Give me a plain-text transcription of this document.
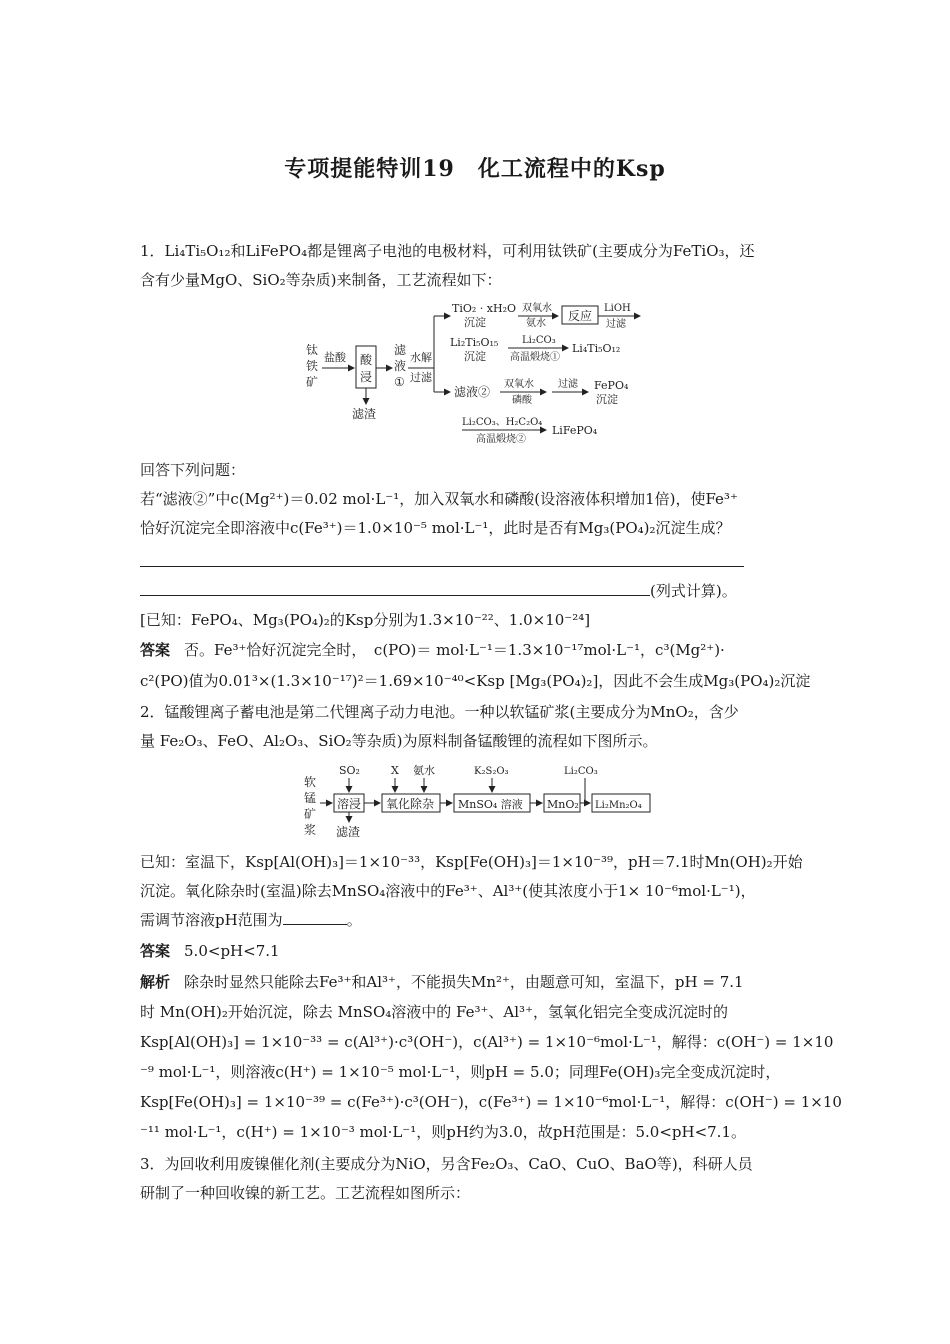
专项提能特训19　化工流程中的Ksp
1．Li₄Ti₅O₁₂和LiFePO₄都是锂离子电池的电极材料，可利用钛铁矿(主要成分为FeTiO₃，还
含有少量MgO、SiO₂等杂质)来制备，工艺流程如下：
钛
铁
矿
盐酸 酸
浸
滤渣
滤
液
①
水解
过滤
TiO₂ · xH₂O
沉淀
双氧水
氨水
反应
LiOH
过滤
Li₂Ti₅O₁₅
沉淀
Li₂CO₃
高温煅烧①
Li₄Ti₅O₁₂
滤液②
双氧水
磷酸
过滤 FePO₄
沉淀
Li₂CO₃、H₂C₂O₄
高温煅烧②
LiFePO₄
回答下列问题：
若“滤液②”中c(Mg²⁺)＝0.02 mol·L⁻¹，加入双氧水和磷酸(设溶液体积增加1倍)，使Fe³⁺
恰好沉淀完全即溶液中c(Fe³⁺)＝1.0×10⁻⁵ mol·L⁻¹，此时是否有Mg₃(PO₄)₂沉淀生成？
(列式计算)。
[已知：FePO₄、Mg₃(PO₄)₂的Ksp分别为1.3×10⁻²²、1.0×10⁻²⁴]
答案 否。Fe³⁺恰好沉淀完全时，　c(PO)＝ mol·L⁻¹＝1.3×10⁻¹⁷mol·L⁻¹，c³(Mg²⁺)·
c²(PO)值为0.01³×(1.3×10⁻¹⁷)²＝1.69×10⁻⁴⁰<Ksp [Mg₃(PO₄)₂]，因此不会生成Mg₃(PO₄)₂沉淀
2．锰酸锂离子蓄电池是第二代锂离子动力电池。一种以软锰矿浆(主要成分为MnO₂，含少
量 Fe₂O₃、FeO、Al₂O₃、SiO₂等杂质)为原料制备锰酸锂的流程如下图所示。
软
锰
矿
浆
溶浸
SO₂
滤渣
氧化除杂
X 氨水
MnSO₄ 溶液
K₂S₂O₃
MnO₂ Li₂Mn₂O₄
Li₂CO₃
已知：室温下，Ksp[Al(OH)₃]＝1×10⁻³³，Ksp[Fe(OH)₃]＝1×10⁻³⁹，pH＝7.1时Mn(OH)₂开始
沉淀。氧化除杂时(室温)除去MnSO₄溶液中的Fe³⁺、Al³⁺(使其浓度小于1× 10⁻⁶mol·L⁻¹)，
需调节溶液pH范围为	。
答案 5.0<pH<7.1
解析 除杂时显然只能除去Fe³⁺和Al³⁺，不能损失Mn²⁺，由题意可知，室温下，pH = 7.1
时 Mn(OH)₂开始沉淀，除去 MnSO₄溶液中的 Fe³⁺、Al³⁺，氢氧化铝完全变成沉淀时的
Ksp[Al(OH)₃] = 1×10⁻³³ = c(Al³⁺)·c³(OH⁻)，c(Al³⁺) = 1×10⁻⁶mol·L⁻¹，解得：c(OH⁻) = 1×10
⁻⁹ mol·L⁻¹，则溶液c(H⁺) = 1×10⁻⁵ mol·L⁻¹，则pH = 5.0；同理Fe(OH)₃完全变成沉淀时，
Ksp[Fe(OH)₃] = 1×10⁻³⁹ = c(Fe³⁺)·c³(OH⁻)，c(Fe³⁺) = 1×10⁻⁶mol·L⁻¹，解得：c(OH⁻) = 1×10
⁻¹¹ mol·L⁻¹，c(H⁺) = 1×10⁻³ mol·L⁻¹，则pH约为3.0，故pH范围是：5.0<pH<7.1。
3．为回收利用废镍催化剂(主要成分为NiO，另含Fe₂O₃、CaO、CuO、BaO等)，科研人员
研制了一种回收镍的新工艺。工艺流程如图所示：
